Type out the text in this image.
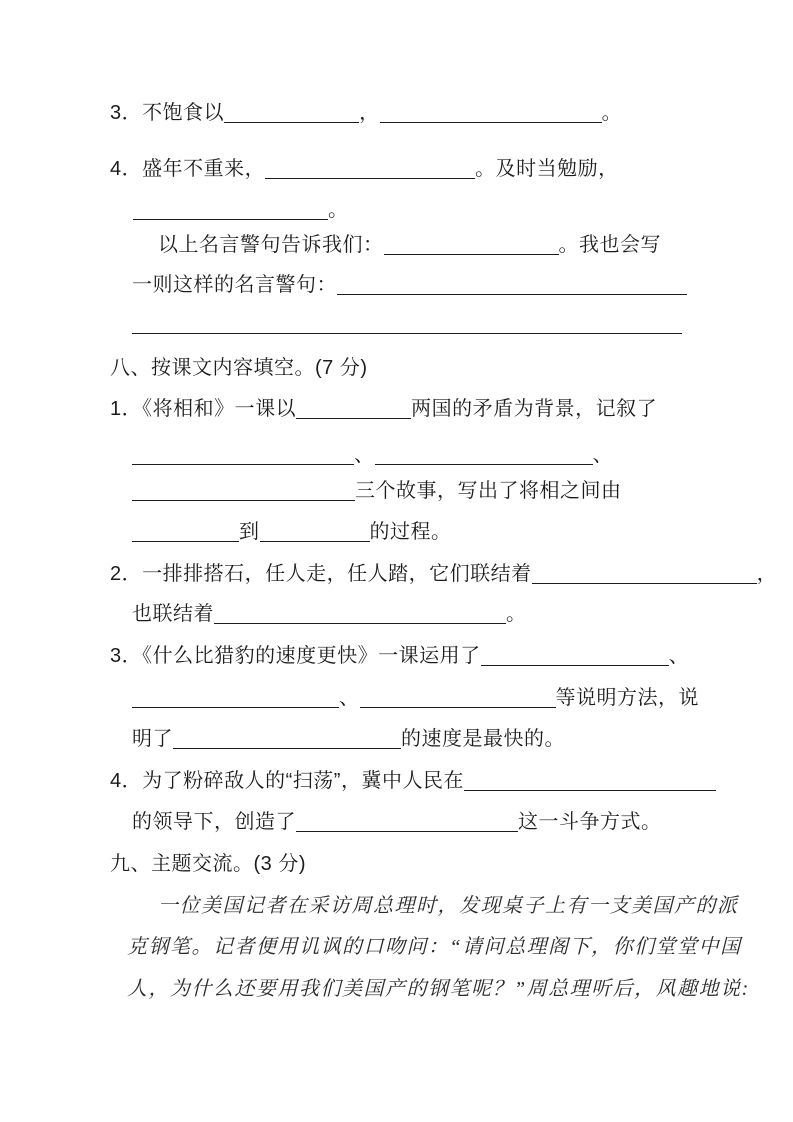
3．不饱食以	，	。
4．盛年不重来，	。及时当勉励，
。
以上名言警句告诉我们：	。我也会写
一则这样的名言警句：
八、按课文内容填空。(7 分)
1．《将相和》一课以	两国的矛盾为背景，记叙了
、	、
三个故事，写出了将相之间由
到	的过程。
2．一排排搭石，任人走，任人踏，它们联结着	，
也联结着	。
3．《什么比猎豹的速度更快》一课运用了	、
、	等说明方法，说
明了	的速度是最快的。
4．为了粉碎敌人的“扫荡”，冀中人民在
的领导下，创造了	这一斗争方式。
九、主题交流。(3 分)
一位美国记者在采访周总理时，发现桌子上有一支美国产的派
克钢笔。记者便用讥讽的口吻问：“请问总理阁下，你们堂堂中国
人，为什么还要用我们美国产的钢笔呢？”周总理听后，风趣地说:
